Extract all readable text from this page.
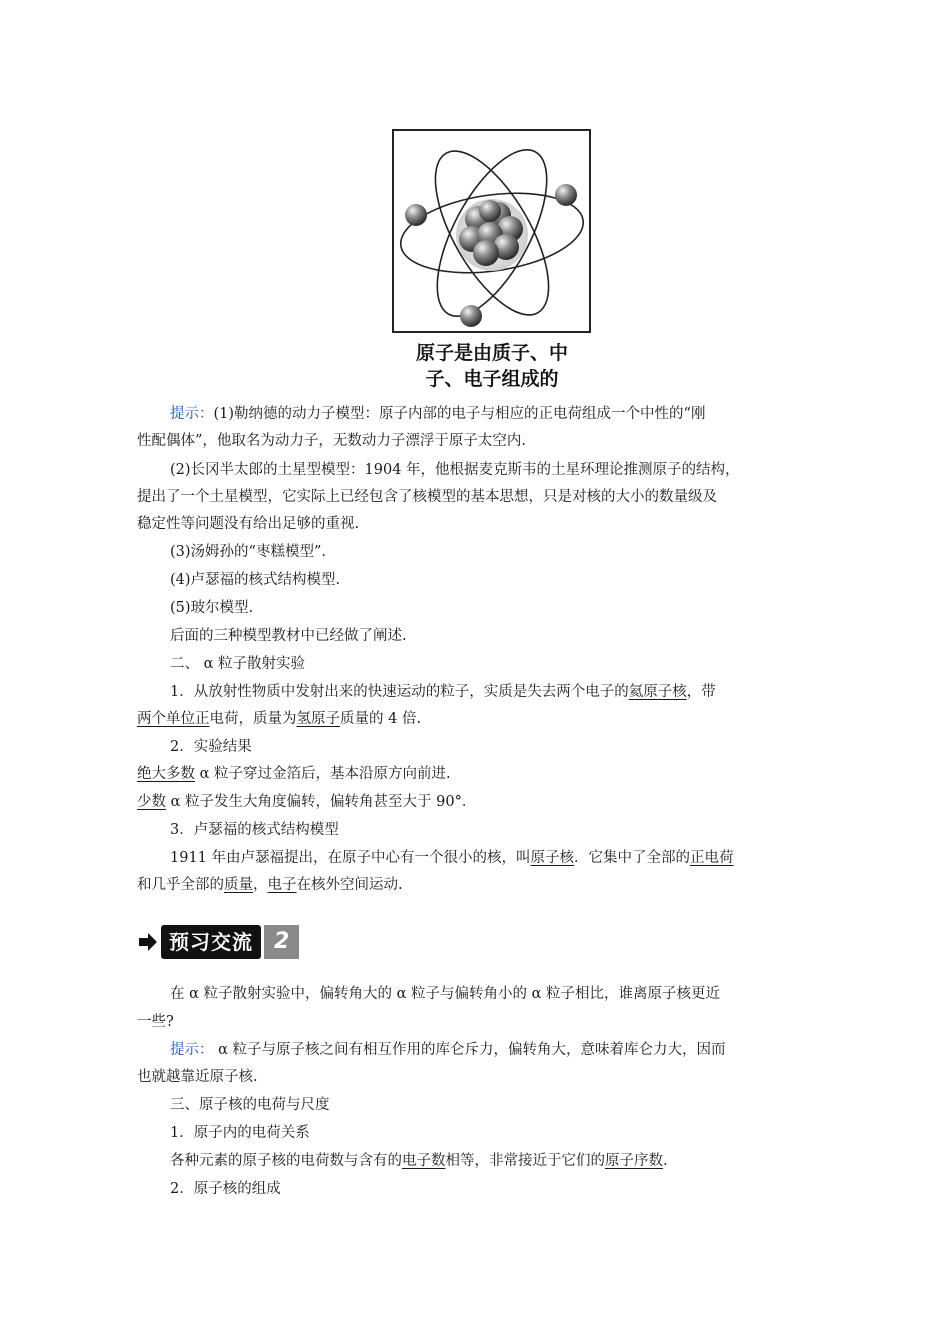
原子是由质子、中
子、电子组成的
提示：(1)勒纳德的动力子模型：原子内部的电子与相应的正电荷组成一个中性的“刚
性配偶体”，他取名为动力子，无数动力子漂浮于原子太空内.
(2)长冈半太郎的土星型模型：1904 年，他根据麦克斯韦的土星环理论推测原子的结构，
提出了一个土星模型，它实际上已经包含了核模型的基本思想，只是对核的大小的数量级及
稳定性等问题没有给出足够的重视.
(3)汤姆孙的“枣糕模型”.
(4)卢瑟福的核式结构模型.
(5)玻尔模型.
后面的三种模型教材中已经做了阐述.
二、 α 粒子散射实验
1．从放射性物质中发射出来的快速运动的粒子，实质是失去两个电子的氦原子核，带
两个单位正电荷，质量为氢原子质量的 4 倍.
2．实验结果
绝大多数 α 粒子穿过金箔后，基本沿原方向前进.
少数 α 粒子发生大角度偏转，偏转角甚至大于 90°．
3．卢瑟福的核式结构模型
1911 年由卢瑟福提出，在原子中心有一个很小的核，叫原子核．它集中了全部的正电荷
和几乎全部的质量，电子在核外空间运动.
预习交流 2
在 α 粒子散射实验中，偏转角大的 α 粒子与偏转角小的 α 粒子相比，谁离原子核更近
一些?
提示： α 粒子与原子核之间有相互作用的库仑斥力，偏转角大，意味着库仑力大，因而
也就越靠近原子核.
三、原子核的电荷与尺度
1．原子内的电荷关系
各种元素的原子核的电荷数与含有的电子数相等，非常接近于它们的原子序数.
2．原子核的组成
